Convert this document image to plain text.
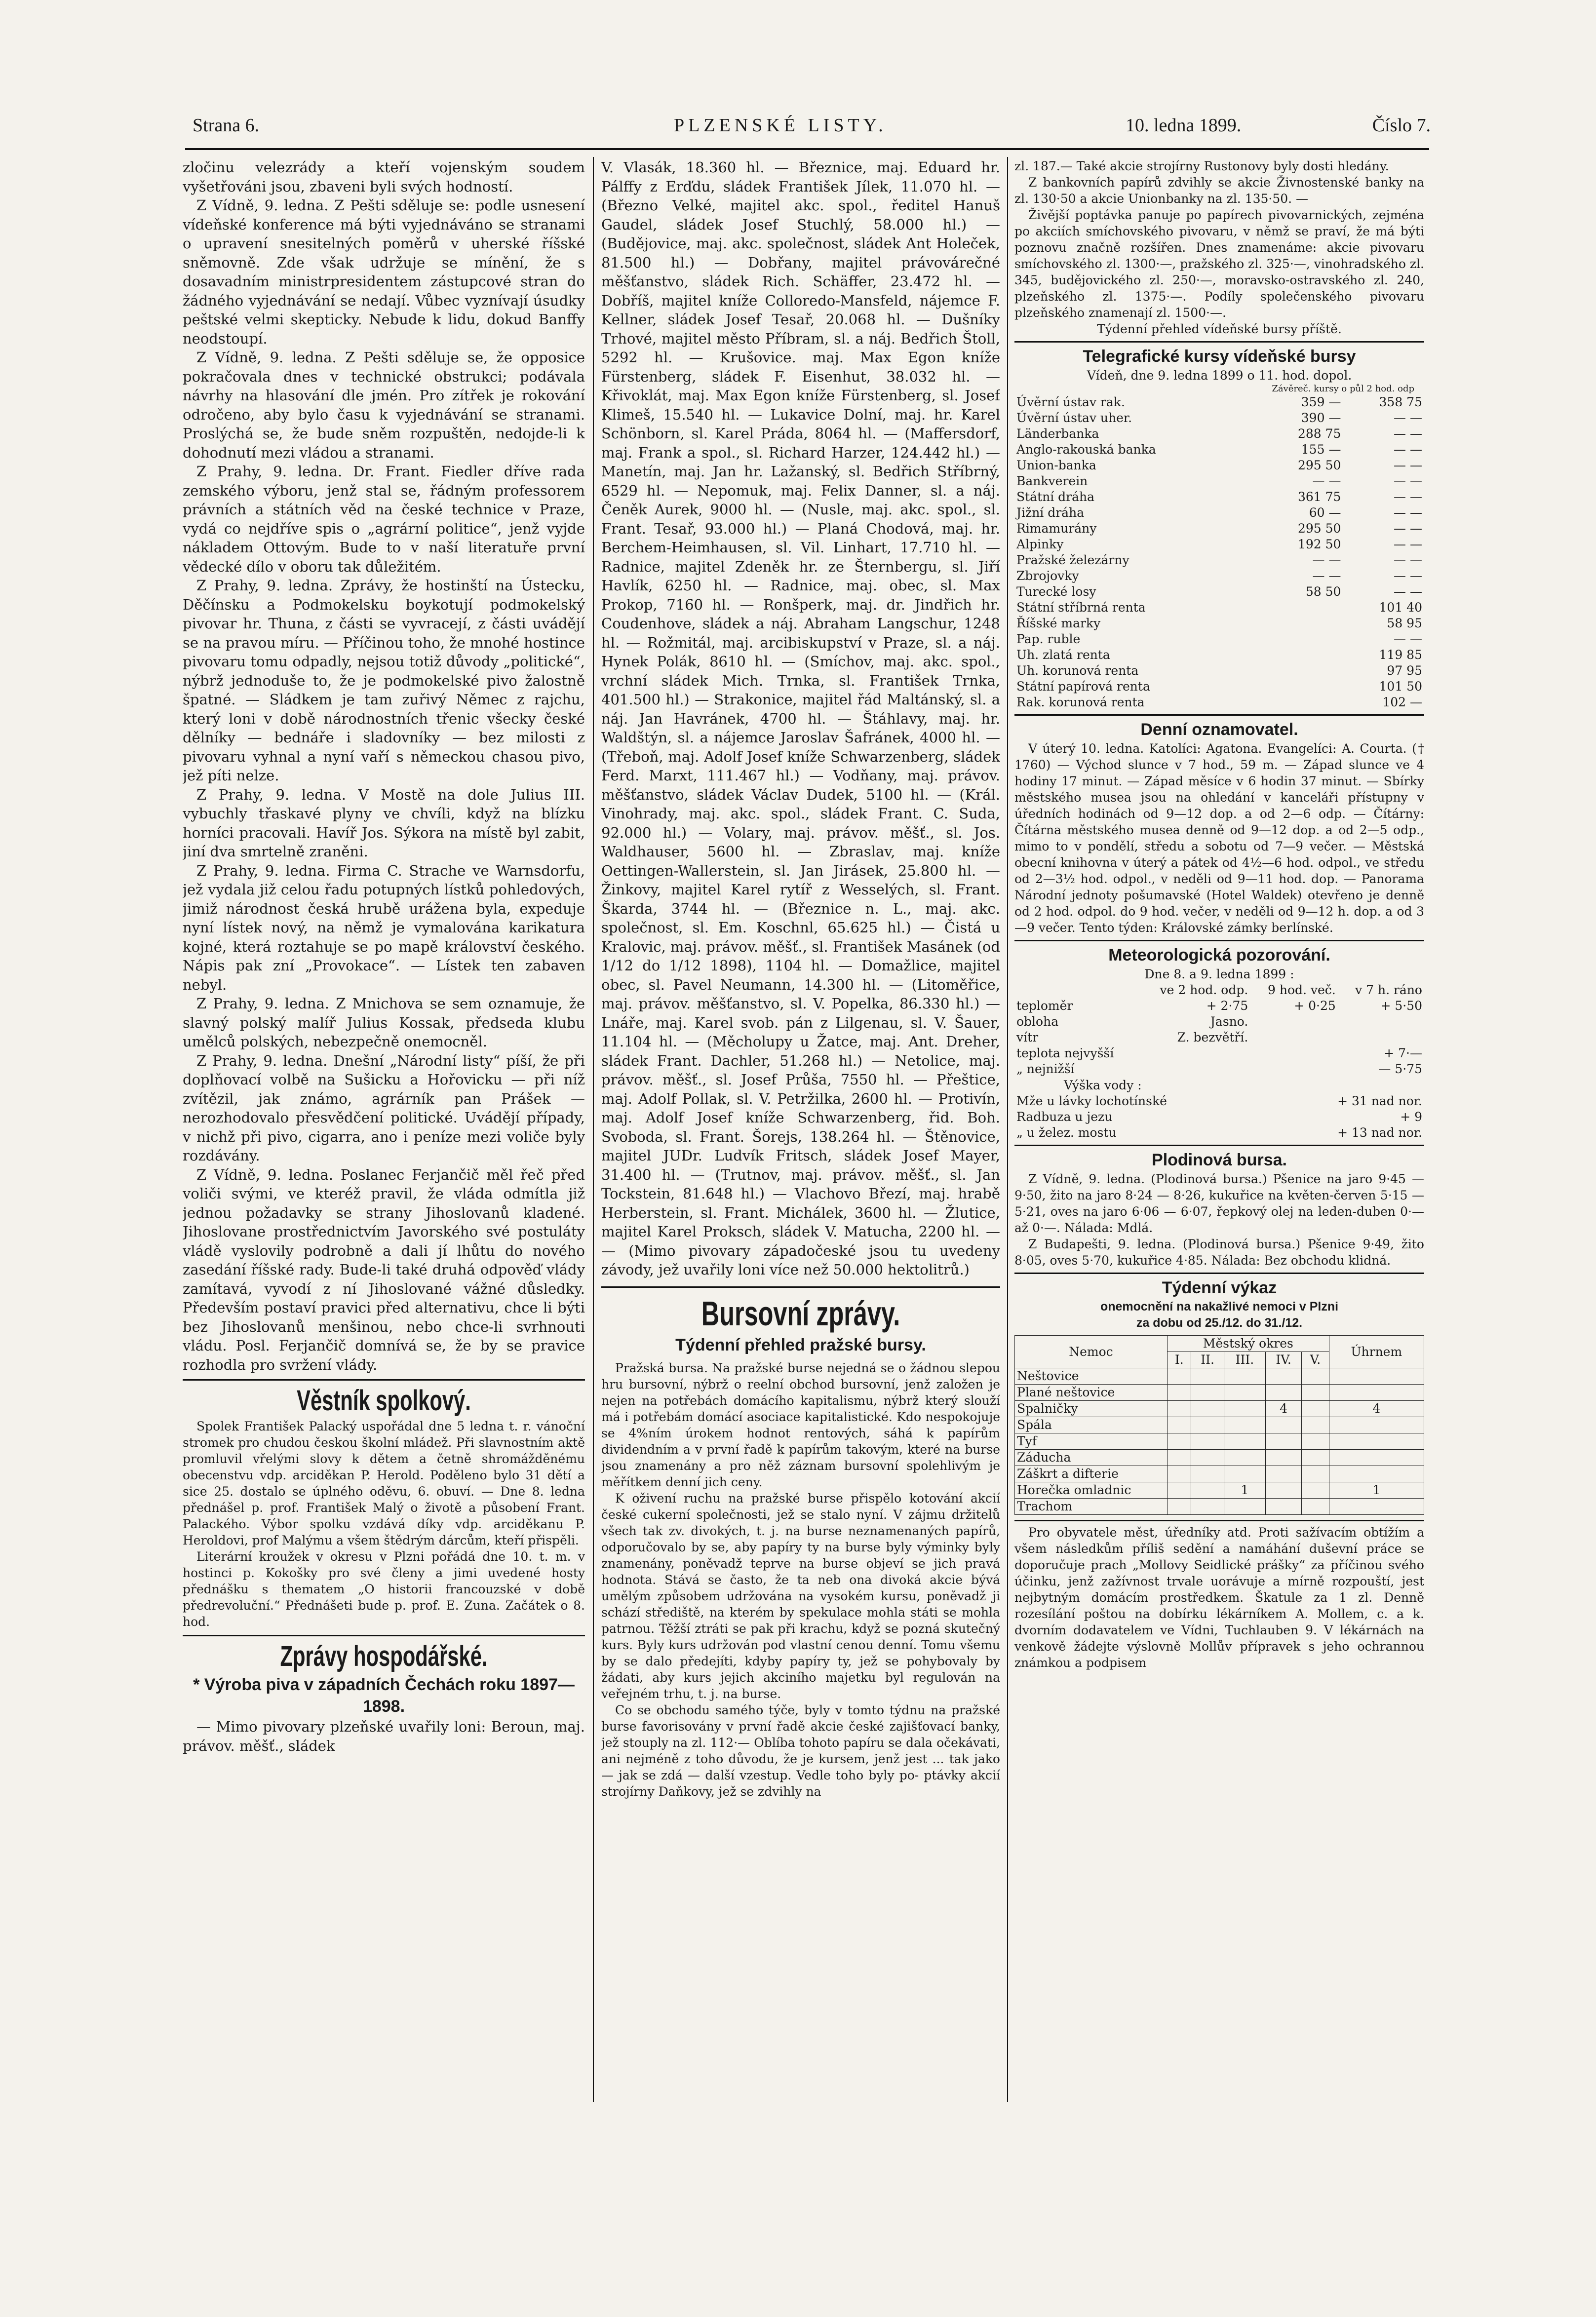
Strana 6.	PLZENSKÉ LISTY.	10. ledna 1899.	Číslo 7.

zločinu velezrády a kteří vojenským soudem vyšetřováni jsou, zbaveni byli svých hodností.

Z Vídně, 9. ledna. Z Pešti sděluje se: podle usnesení vídeňské konference má býti vyjednáváno se stranami o upravení snesitelných poměrů v uherské říšské sněmovně. Zde však udržuje se mínění, že s dosavadním ministrpresidentem zástupcové stran do žádného vyjednávání se nedají. Vůbec vyznívají úsudky peštské velmi skepticky. Nebude k lidu, dokud Banffy neodstoupí.

Z Vídně, 9. ledna. Z Pešti sděluje se, že opposice pokračovala dnes v technické obstrukci; podávala návrhy na hlasování dle jmén. Pro zítřek je rokování odročeno, aby bylo času k vyjednávání se stranami. Proslýchá se, že bude sněm rozpuštěn, nedojde-li k dohodnutí mezi vládou a stranami.

Z Prahy, 9. ledna. Dr. Frant. Fiedler dříve rada zemského výboru, jenž stal se, řádným professorem právních a státních věd na české technice v Praze, vydá co nejdříve spis o „agrární politice“, jenž vyjde nákladem Ottovým. Bude to v naší literatuře první vědecké dílo v oboru tak důležitém.

Z Prahy, 9. ledna. Zprávy, že hostinští na Ústecku, Děčínsku a Podmokelsku boykotují podmokelský pivovar hr. Thuna, z části se vyvracejí, z části uvádějí se na pravou míru. — Příčinou toho, že mnohé hostince pivovaru tomu odpadly, nejsou totiž důvody „politické“, nýbrž jednoduše to, že je podmokelské pivo žalostně špatné. — Sládkem je tam zuřivý Němec z rajchu, který loni v době národnostních třenic všecky české dělníky — bednáře i sladovníky — bez milosti z pivovaru vyhnal a nyní vaří s německou chasou pivo, jež píti nelze.

Z Prahy, 9. ledna. V Mostě na dole Julius III. vybuchly třaskavé plyny ve chvíli, když na blízku horníci pracovali. Havíř Jos. Sýkora na místě byl zabit, jiní dva smrtelně zraněni.

Z Prahy, 9. ledna. Firma C. Strache ve Warnsdorfu, jež vydala již celou řadu potupných lístků pohledových, jimiž národnost česká hrubě urážena byla, expeduje nyní lístek nový, na němž je vymalována karikatura kojné, která roztahuje se po mapě království českého. Nápis pak zní „Provokace“. — Lístek ten zabaven nebyl.

Z Prahy, 9. ledna. Z Mnichova se sem oznamuje, že slavný polský malíř Julius Kossak, předseda klubu umělců polských, nebezpečně onemocněl.

Z Prahy, 9. ledna. Dnešní „Národní listy“ píší, že při doplňovací volbě na Sušicku a Hořovicku — při níž zvítězil, jak známo, agrárník pan Prášek — nerozhodovalo přesvědčení politické. Uvádějí případy, v nichž při pivo, cigarra, ano i peníze mezi voliče byly rozdávány.

Z Vídně, 9. ledna. Poslanec Ferjančič měl řeč před voliči svými, ve kteréž pravil, že vláda odmítla již jednou požadavky se strany Jihoslovanů kladené. Jihoslovane prostřednictvím Javorského své postuláty vládě vyslovily podrobně a dali jí lhůtu do nového zasedání říšské rady. Bude-li také druhá odpověď vlády zamítavá, vyvodí z ní Jihoslované vážné důsledky. Především postaví pravici před alternativu, chce li býti bez Jihoslovanů menšinou, nebo chce-li svrhnouti vládu. Posl. Ferjančič domnívá se, že by se pravice rozhodla pro svržení vlády.

Věstník spolkový.

Spolek František Palacký uspořádal dne 5 ledna t. r. vánoční stromek pro chudou českou školní mládež. Při slavnostním aktě promluvil vřelými slovy k dětem a četně shromážděnému obecenstvu vdp. arciděkan P. Herold. Poděleno bylo 31 dětí a sice 25. dostalo se úplného oděvu, 6. obuví. — Dne 8. ledna přednášel p. prof. František Malý o životě a působení Frant. Palackého. Výbor spolku vzdává díky vdp. arciděkanu P. Heroldovi, prof Malýmu a všem štědrým dárcům, kteří přispěli.

Literární kroužek v okresu v Plzni pořádá dne 10. t. m. v hostinci p. Kokošky pro své členy a jimi uvedené hosty přednášku s thematem „O historii francouzské v době předrevoluční.“ Přednášeti bude p. prof. E. Zuna. Začátek o 8. hod.

Zprávy hospodářské.

* Výroba piva v západních Čechách roku 1897—1898.

— Mimo pivovary plzeňské uvařily loni: Beroun, maj. právov. měšť., sládek

V. Vlasák, 18.360 hl. — Březnice, maj. Eduard hr. Pálffy z Erďdu, sládek František Jílek, 11.070 hl. — (Březno Velké, majitel akc. spol., ředitel Hanuš Gaudel, sládek Josef Stuchlý, 58.000 hl.) — (Budějovice, maj. akc. společnost, sládek Ant Holeček, 81.500 hl.) — Dobřany, majitel právovárečné měšťanstvo, sládek Rich. Schäffer, 23.472 hl. — Dobříš, majitel kníže Colloredo-Mansfeld, nájemce F. Kellner, sládek Josef Tesař, 20.068 hl. — Dušníky Trhové, majitel město Příbram, sl. a náj. Bedřich Štoll, 5292 hl. — Krušovice. maj. Max Egon kníže Fürstenberg, sládek F. Eisenhut, 38.032 hl. — Křivoklát, maj. Max Egon kníže Fürstenberg, sl. Josef Klimeš, 15.540 hl. — Lukavice Dolní, maj. hr. Karel Schönborn, sl. Karel Práda, 8064 hl. — (Maffersdorf, maj. Frank a spol., sl. Richard Harzer, 124.442 hl.) — Manetín, maj. Jan hr. Lažanský, sl. Bedřich Stříbrný, 6529 hl. — Nepomuk, maj. Felix Danner, sl. a náj. Čeněk Aurek, 9000 hl. — (Nusle, maj. akc. spol., sl. Frant. Tesař, 93.000 hl.) — Planá Chodová, maj. hr. Berchem-Heimhausen, sl. Vil. Linhart, 17.710 hl. — Radnice, majitel Zdeněk hr. ze Šternbergu, sl. Jiří Havlík, 6250 hl. — Radnice, maj. obec, sl. Max Prokop, 7160 hl. — Ronšperk, maj. dr. Jindřich hr. Coudenhove, sládek a náj. Abraham Langschur, 1248 hl. — Rožmitál, maj. arcibiskupství v Praze, sl. a náj. Hynek Polák, 8610 hl. — (Smíchov, maj. akc. spol., vrchní sládek Mich. Trnka, sl. František Trnka, 401.500 hl.) — Strakonice, majitel řád Maltánský, sl. a náj. Jan Havránek, 4700 hl. — Štáhlavy, maj. hr. Waldštýn, sl. a nájemce Jaroslav Šafránek, 4000 hl. — (Třeboň, maj. Adolf Josef kníže Schwarzenberg, sládek Ferd. Marxt, 111.467 hl.) — Vodňany, maj. právov. měšťanstvo, sládek Václav Dudek, 5100 hl. — (Král. Vinohrady, maj. akc. spol., sládek Frant. C. Suda, 92.000 hl.) — Volary, maj. právov. měšť., sl. Jos. Waldhauser, 5600 hl. — Zbraslav, maj. kníže Oettingen-Wallerstein, sl. Jan Jirásek, 25.800 hl. — Žinkovy, majitel Karel rytíř z Wesselých, sl. Frant. Škarda, 3744 hl. — (Březnice n. L., maj. akc. společnost, sl. Em. Koschnl, 65.625 hl.) — Čistá u Kralovic, maj. právov. měšť., sl. František Masánek (od 1/12 do 1/12 1898), 1104 hl. — Domažlice, majitel obec, sl. Pavel Neumann, 14.300 hl. — (Litoměřice, maj. právov. měšťanstvo, sl. V. Popelka, 86.330 hl.) — Lnáře, maj. Karel svob. pán z Lilgenau, sl. V. Šauer, 11.104 hl. — (Měcholupy u Žatce, maj. Ant. Dreher, sládek Frant. Dachler, 51.268 hl.) — Netolice, maj. právov. měšť., sl. Josef Průša, 7550 hl. — Přeštice, maj. Adolf Pollak, sl. V. Petržilka, 2600 hl. — Protivín, maj. Adolf Josef kníže Schwarzenberg, řid. Boh. Svoboda, sl. Frant. Šorejs, 138.264 hl. — Štěnovice, majitel JUDr. Ludvík Fritsch, sládek Josef Mayer, 31.400 hl. — (Trutnov, maj. právov. měšť., sl. Jan Tockstein, 81.648 hl.) — Vlachovo Březí, maj. hrabě Herberstein, sl. Frant. Michálek, 3600 hl. — Žlutice, majitel Karel Proksch, sládek V. Matucha, 2200 hl. — — (Mimo pivovary západočeské jsou tu uvedeny závody, jež uvařily loni více než 50.000 hektolitrů.)

Bursovní zprávy.
Týdenní přehled pražské bursy.

Pražská bursa. Na pražské burse nejedná se o žádnou slepou hru bursovní, nýbrž o reelní obchod bursovní, jenž založen je nejen na potřebách domácího kapitalismu, nýbrž který slouží má i potřebám domácí asociace kapitalistické. Kdo nespokojuje se 4%ním úrokem hodnot rentových, sáhá k papírům dividendním a v první řadě k papírům takovým, které na burse jsou znamenány a pro něž záznam bursovní spolehlivým je měřítkem denní jich ceny.

K oživení ruchu na pražské burse přispělo kotování akcií české cukerní společnosti, jež se stalo nyní. V zájmu držitelů všech tak zv. divokých, t. j. na burse neznamenaných papírů, odporučovalo by se, aby papíry ty na burse byly výminky byly znamenány, poněvadž teprve na burse objeví se jich pravá hodnota. Stává se často, že ta neb ona divoká akcie bývá umělým způsobem udržována na vysokém kursu, poněvadž ji schází střediště, na kterém by spekulace mohla státi se mohla patrnou. Těžší ztráti se pak při krachu, když se pozná skutečný kurs. Byly kurs udržován pod vlastní cenou denní. Tomu všemu by se dalo předejíti, kdyby papíry ty, jež se pohybovaly by žádati, aby kurs jejich akciního majetku byl regulován na veřejném trhu, t. j. na burse.

Co se obchodu samého týče, byly v tomto týdnu na pražské burse favorisovány v první řadě akcie české zajišťovací banky, jež stouply na zl. 112·— Oblíba tohoto papíru se dala očekávati, ani nejméně z toho důvodu, že je kursem, jenž jest ... tak jako — jak se zdá — další vzestup. Vedle toho byly po- ptávky akcií strojírny Daňkovy, jež se zdvihly na

zl. 187.— Také akcie strojírny Rustonovy byly dosti hledány.

Z bankovních papírů zdvihly se akcie Živnostenské banky na zl. 130·50 a akcie Unionbanky na zl. 135·50. —

Živější poptávka panuje po papírech pivovarnických, zejména po akciích smíchovského pivovaru, v němž se praví, že má býti poznovu značně rozšířen. Dnes znamenáme: akcie pivovaru smíchovského zl. 1300·—, pražského zl. 325·—, vinohradského zl. 345, budějovického zl. 250·—, moravsko-ostravského zl. 240, plzeňského zl. 1375·—. Podíly společenského pivovaru plzeňského znamenají zl. 1500·—.

Týdenní přehled vídeňské bursy příště.

Telegrafické kursy vídeňské bursy
Vídeň, dne 9. ledna 1899 o 11. hod. dopol.
Závěreč. kursy o půl 2 hod. odp
Úvěrní ústav rak.	359 —	358 75
Úvěrní ústav uher.	390 —	— —
Länderbanka	288 75	— —
Anglo-rakouská banka	155 —	— —
Union-banka	295 50	— —
Bankverein	— —	— —
Státní dráha	361 75	— —
Jižní dráha	60 —	— —
Rimamurány	295 50	— —
Alpinky	192 50	— —
Pražské železárny	— —	— —
Zbrojovky	— —	— —
Turecké losy	58 50	— —
Státní stříbrná renta		101 40
Říšské marky		58 95
Pap. ruble		— —
Uh. zlatá renta		119 85
Uh. korunová renta		97 95
Státní papírová renta		101 50
Rak. korunová renta		102 —
Denní oznamovatel.

V úterý 10. ledna. Katolíci: Agatona. Evangelíci: A. Courta. († 1760) — Východ slunce v 7 hod., 59 m. — Západ slunce ve 4 hodiny 17 minut. — Západ měsíce v 6 hodin 37 minut. — Sbírky městského musea jsou na ohledání v kanceláři přístupny v úředních hodinách od 9—12 dop. a od 2—6 odp. — Čítárny: Čítárna městského musea denně od 9—12 dop. a od 2—5 odp., mimo to v pondělí, středu a sobotu od 7—9 večer. — Městská obecní knihovna v úterý a pátek od 4½—6 hod. odpol., ve středu od 2—3½ hod. odpol., v neděli od 9—11 hod. dop. — Panorama Národní jednoty pošumavské (Hotel Waldek) otevřeno je denně od 2 hod. odpol. do 9 hod. večer, v neděli od 9—12 h. dop. a od 3—9 večer. Tento týden: Královské zámky berlínské.

Meteorologická pozorování.
Dne 8. a 9. ledna 1899 :
	ve 2 hod. odp.	9 hod. več.	v 7 h. ráno
teploměr	+ 2·75	+ 0·25	+ 5·50
obloha	Jasno.		
vítr	Z. bezvětří.		
teplota nejvyšší			+ 7·—
„ nejnižší			— 5·75
Výška vody :
Mže u lávky lochotínské	+ 31 nad nor.
Radbuza u jezu	+ 9
„ u želez. mostu	+ 13 nad nor.
Plodinová bursa.

Z Vídně, 9. ledna. (Plodinová bursa.) Pšenice na jaro 9·45 — 9·50, žito na jaro 8·24 — 8·26, kukuřice na květen-červen 5·15 — 5·21, oves na jaro 6·06 — 6·07, řepkový olej na leden-duben 0·— až 0·—. Nálada: Mdlá.

Z Budapešti, 9. ledna. (Plodinová bursa.) Pšenice 9·49, žito 8·05, oves 5·70, kukuřice 4·85. Nálada: Bez obchodu klidná.

Týdenní výkaz
onemocnění na nakažlivé nemoci v Plzni
za dobu od 25./12. do 31./12.
Nemoc	Městský okres					Úhrnem
	I.	II.	III.	IV.	V.	
Neštovice						
Plané neštovice						
Spalničky				4		4
Spála						
Tyf						
Záducha						
Záškrt a difterie						
Horečka omladnic			1			1
Trachom						

Pro obyvatele měst, úředníky atd. Proti sažívacím obtížím a všem následkům příliš sedění a namáhání duševní práce se doporučuje prach „Mollovy Seidlické prášky“ za příčinou svého účinku, jenž zažívnost trvale uorávuje a mírně rozpouští, jest nejbytným domácím prostředkem. Škatule za 1 zl. Denně rozesílání poštou na dobírku lékárníkem A. Mollem, c. a k. dvorním dodavatelem ve Vídni, Tuchlauben 9. V lékárnách na venkově žádejte výslovně Mollův přípravek s jeho ochrannou známkou a podpisem
